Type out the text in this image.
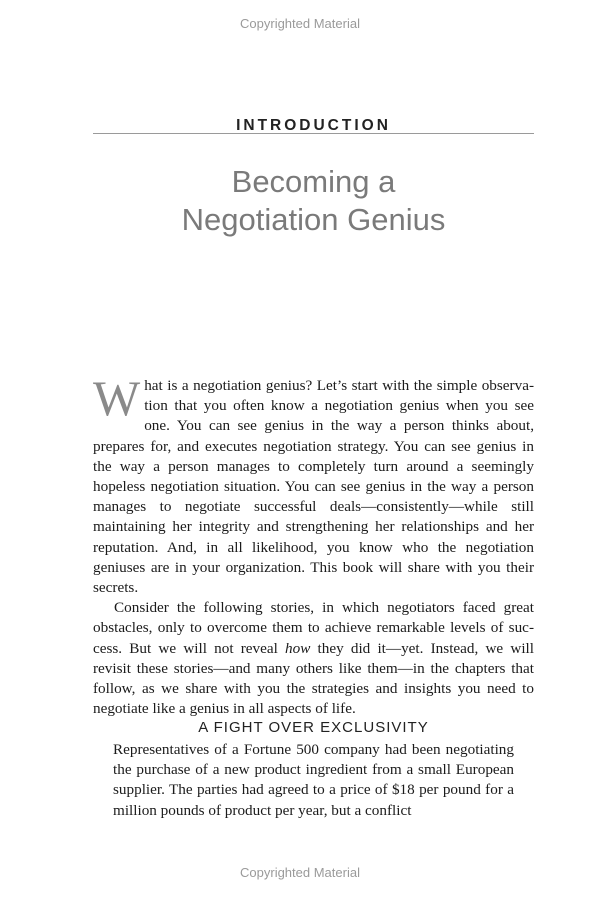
Copyrighted Material
INTRODUCTION
Becoming a
Negotiation Genius

What is a negotiation genius? Let’s start with the simple observation that you often know a negotiation genius when you see one. You can see genius in the way a person thinks about, prepares for, and executes negotiation strategy. You can see genius in the way a person manages to completely turn around a seemingly hopeless negotiation situation. You can see genius in the way a person manages to negotiate successful deals—consistently—while still maintaining her integrity and strengthening her relationships and her reputation. And, in all likelihood, you know who the negotiation geniuses are in your organization. This book will share with you their secrets.

Consider the following stories, in which negotiators faced great obstacles, only to overcome them to achieve remarkable levels of success. But we will not reveal how they did it—yet. Instead, we will revisit these stories—and many others like them—in the chapters that follow, as we share with you the strategies and insights you need to negotiate like a genius in all aspects of life.

A FIGHT OVER EXCLUSIVITY

Representatives of a Fortune 500 company had been negotiating the purchase of a new product ingredient from a small European supplier. The parties had agreed to a price of $18 per pound for a million pounds of product per year, but a conflict

Copyrighted Material
